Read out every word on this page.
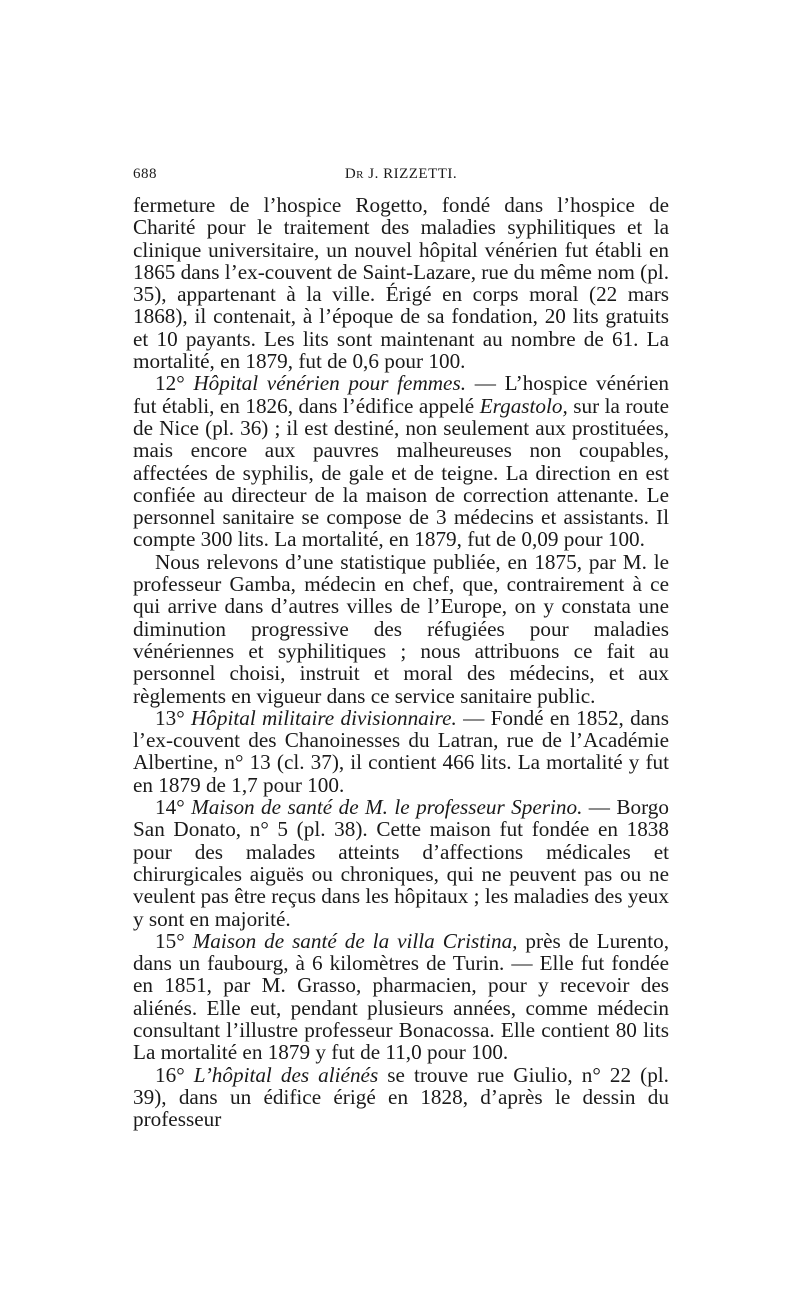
688	Dr J. RIZZETTI.

fermeture de l’hospice Rogetto, fondé dans l’hospice de Charité pour le traitement des maladies syphilitiques et la clinique universitaire, un nouvel hôpital vénérien fut établi en 1865 dans l’ex-couvent de Saint-Lazare, rue du même nom (pl. 35), appartenant à la ville. Érigé en corps moral (22 mars 1868), il contenait, à l’époque de sa fondation, 20 lits gratuits et 10 payants. Les lits sont maintenant au nombre de 61. La mortalité, en 1879, fut de 0,6 pour 100.

12° Hôpital vénérien pour femmes. — L’hospice vénérien fut établi, en 1826, dans l’édifice appelé Ergastolo, sur la route de Nice (pl. 36) ; il est destiné, non seulement aux prostituées, mais encore aux pauvres malheureuses non coupables, affectées de syphilis, de gale et de teigne. La direction en est confiée au directeur de la maison de correction attenante. Le personnel sanitaire se compose de 3 médecins et assistants. Il compte 300 lits. La mortalité, en 1879, fut de 0,09 pour 100.

Nous relevons d’une statistique publiée, en 1875, par M. le professeur Gamba, médecin en chef, que, contrairement à ce qui arrive dans d’autres villes de l’Europe, on y constata une diminution progressive des réfugiées pour maladies vénériennes et syphilitiques ; nous attribuons ce fait au personnel choisi, instruit et moral des médecins, et aux règlements en vigueur dans ce service sanitaire public.

13° Hôpital militaire divisionnaire. — Fondé en 1852, dans l’ex-couvent des Chanoinesses du Latran, rue de l’Académie Albertine, n° 13 (cl. 37), il contient 466 lits. La mortalité y fut en 1879 de 1,7 pour 100.

14° Maison de santé de M. le professeur Sperino. — Borgo San Donato, n° 5 (pl. 38). Cette maison fut fondée en 1838 pour des malades atteints d’affections médicales et chirurgicales aiguës ou chroniques, qui ne peuvent pas ou ne veulent pas être reçus dans les hôpitaux ; les maladies des yeux y sont en majorité.

15° Maison de santé de la villa Cristina, près de Lurento, dans un faubourg, à 6 kilomètres de Turin. — Elle fut fondée en 1851, par M. Grasso, pharmacien, pour y recevoir des aliénés. Elle eut, pendant plusieurs années, comme médecin consultant l’illustre professeur Bonacossa. Elle contient 80 lits La mortalité en 1879 y fut de 11,0 pour 100.

16° L’hôpital des aliénés se trouve rue Giulio, n° 22 (pl. 39), dans un édifice érigé en 1828, d’après le dessin du professeur
